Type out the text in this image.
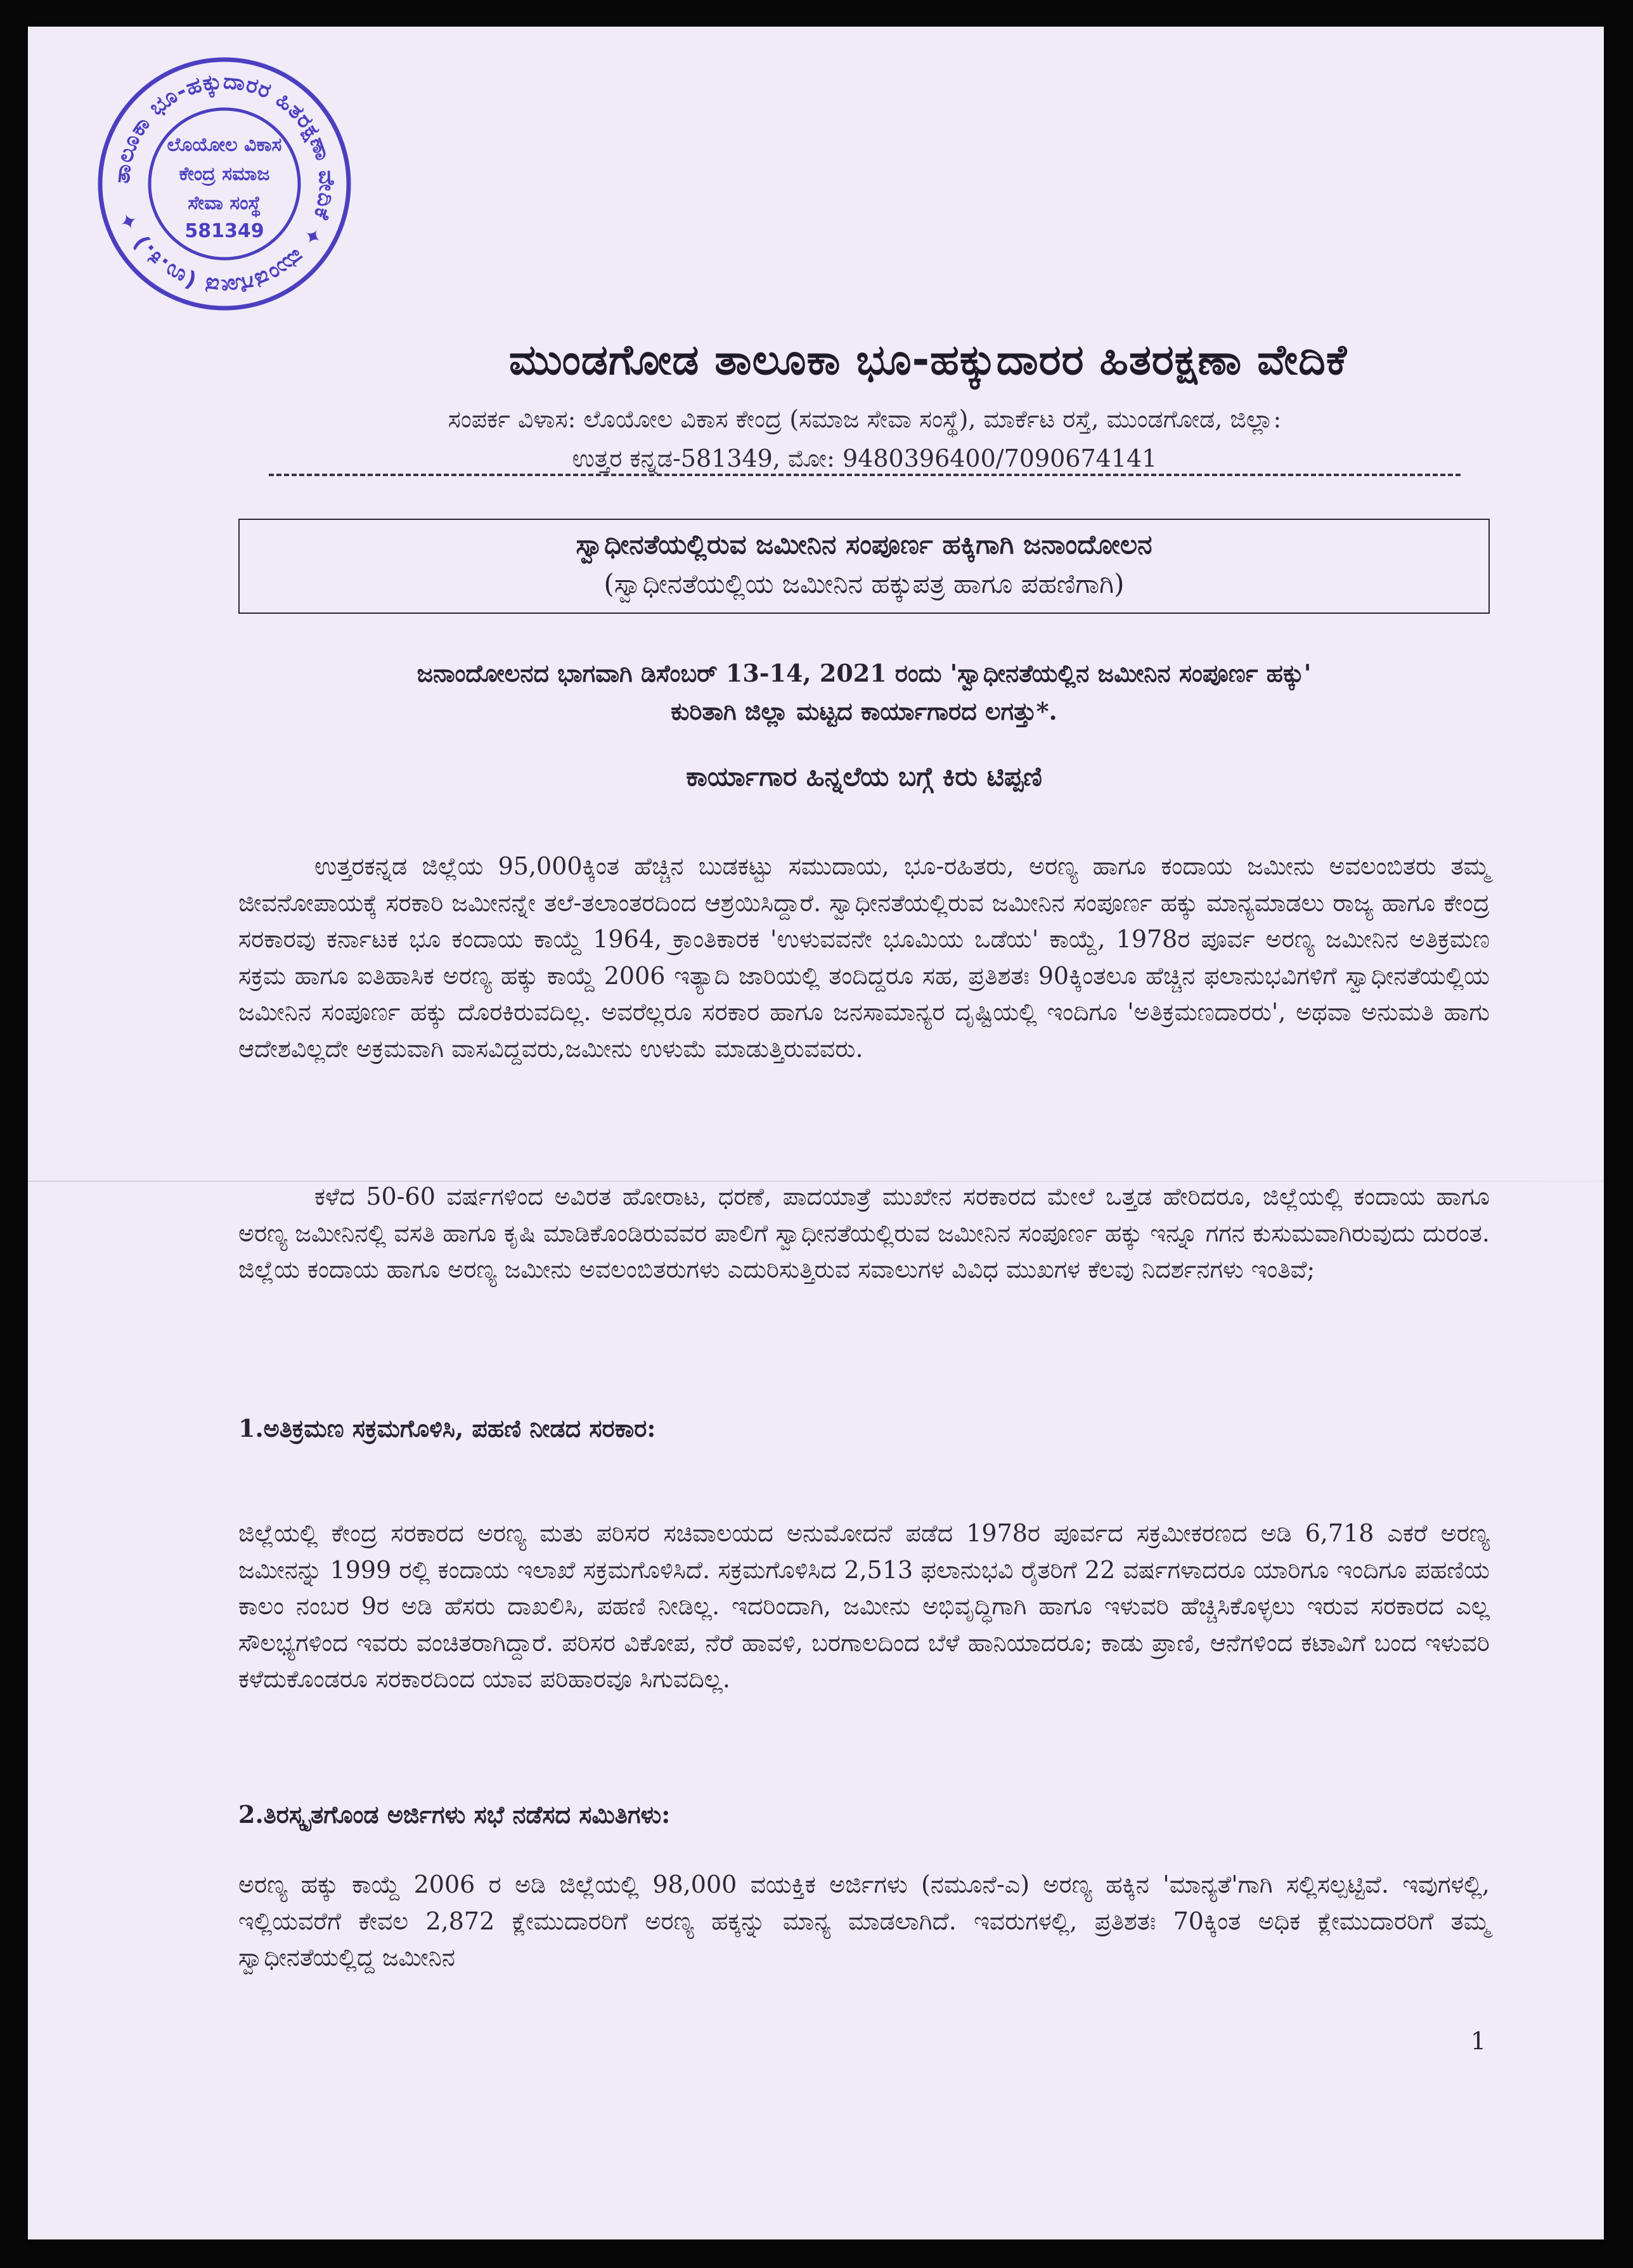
ತಾಲೂಕಾ ಭೂ-ಹಕ್ಕುದಾರರ ಹಿತರಕ್ಷಣಾ ವೇದಿಕೆ ✦ ಮುಂಡಗೋಡ (ಉ.ಕ.) ✦
ಲೊಯೋಲ ವಿಕಾಸ
ಕೇಂದ್ರ ಸಮಾಜ
ಸೇವಾ ಸಂಸ್ಥೆ
581349
ಮುಂಡಗೋಡ ತಾಲೂಕಾ ಭೂ-ಹಕ್ಕುದಾರರ ಹಿತರಕ್ಷಣಾ ವೇದಿಕೆ
ಸಂಪರ್ಕ ವಿಳಾಸ: ಲೊಯೋಲ ವಿಕಾಸ ಕೇಂದ್ರ (ಸಮಾಜ ಸೇವಾ ಸಂಸ್ಥೆ), ಮಾರ್ಕೆಟ ರಸ್ತೆ, ಮುಂಡಗೋಡ, ಜಿಲ್ಲಾ:
ಉತ್ತರ ಕನ್ನಡ-581349, ಮೋ: 9480396400/7090674141
ಸ್ವಾಧೀನತೆಯಲ್ಲಿರುವ ಜಮೀನಿನ ಸಂಪೂರ್ಣ ಹಕ್ಕಿಗಾಗಿ ಜನಾಂದೋಲನ
(ಸ್ವಾಧೀನತೆಯಲ್ಲಿಯ ಜಮೀನಿನ ಹಕ್ಕುಪತ್ರ ಹಾಗೂ ಪಹಣಿಗಾಗಿ)
ಜನಾಂದೋಲನದ ಭಾಗವಾಗಿ ಡಿಸೆಂಬರ್ 13-14, 2021 ರಂದು 'ಸ್ವಾಧೀನತೆಯಲ್ಲಿನ ಜಮೀನಿನ ಸಂಪೂರ್ಣ ಹಕ್ಕು'
ಕುರಿತಾಗಿ ಜಿಲ್ಲಾ ಮಟ್ಟದ ಕಾರ್ಯಾಗಾರದ ಲಗತ್ತು*.
ಕಾರ್ಯಾಗಾರ ಹಿನ್ನಲೆಯ ಬಗ್ಗೆ ಕಿರು ಟಿಪ್ಪಣಿ
ಉತ್ತರಕನ್ನಡ ಜಿಲ್ಲೆಯ 95,000ಕ್ಕಿಂತ ಹೆಚ್ಚಿನ ಬುಡಕಟ್ಟು ಸಮುದಾಯ, ಭೂ-ರಹಿತರು, ಅರಣ್ಯ ಹಾಗೂ ಕಂದಾಯ ಜಮೀನು ಅವಲಂಬಿತರು ತಮ್ಮ ಜೀವನೋಪಾಯಕ್ಕೆ ಸರಕಾರಿ ಜಮೀನನ್ನೇ ತಲೆ-ತಲಾಂತರದಿಂದ ಆಶ್ರಯಿಸಿದ್ದಾರೆ. ಸ್ವಾಧೀನತೆಯಲ್ಲಿರುವ ಜಮೀನಿನ ಸಂಪೂರ್ಣ ಹಕ್ಕು ಮಾನ್ಯಮಾಡಲು ರಾಜ್ಯ ಹಾಗೂ ಕೇಂದ್ರ ಸರಕಾರವು ಕರ್ನಾಟಕ ಭೂ ಕಂದಾಯ ಕಾಯ್ದೆ 1964, ಕ್ರಾಂತಿಕಾರಕ 'ಉಳುವವನೇ ಭೂಮಿಯ ಒಡೆಯ' ಕಾಯ್ದೆ, 1978ರ ಪೂರ್ವ ಅರಣ್ಯ ಜಮೀನಿನ ಅತಿಕ್ರಮಣ ಸಕ್ರಮ ಹಾಗೂ ಐತಿಹಾಸಿಕ ಅರಣ್ಯ ಹಕ್ಕು ಕಾಯ್ದೆ 2006 ಇತ್ಯಾದಿ ಜಾರಿಯಲ್ಲಿ ತಂದಿದ್ದರೂ ಸಹ, ಪ್ರತಿಶತಃ 90ಕ್ಕಿಂತಲೂ ಹೆಚ್ಚಿನ ಫಲಾನುಭವಿಗಳಿಗೆ ಸ್ವಾಧೀನತೆಯಲ್ಲಿಯ ಜಮೀನಿನ ಸಂಪೂರ್ಣ ಹಕ್ಕು ದೊರಕಿರುವದಿಲ್ಲ. ಅವರೆಲ್ಲರೂ ಸರಕಾರ ಹಾಗೂ ಜನಸಾಮಾನ್ಯರ ದೃಷ್ಟಿಯಲ್ಲಿ ಇಂದಿಗೂ 'ಅತಿಕ್ರಮಣದಾರರು', ಅಥವಾ ಅನುಮತಿ ಹಾಗು ಆದೇಶವಿಲ್ಲದೇ ಅಕ್ರಮವಾಗಿ ವಾಸವಿದ್ದವರು,ಜಮೀನು ಉಳುಮೆ ಮಾಡುತ್ತಿರುವವರು.
ಕಳೆದ 50-60 ವರ್ಷಗಳಿಂದ ಅವಿರತ ಹೋರಾಟ, ಧರಣೆ, ಪಾದಯಾತ್ರೆ ಮುಖೇನ ಸರಕಾರದ ಮೇಲೆ ಒತ್ತಡ ಹೇರಿದರೂ, ಜಿಲ್ಲೆಯಲ್ಲಿ ಕಂದಾಯ ಹಾಗೂ ಅರಣ್ಯ ಜಮೀನಿನಲ್ಲಿ ವಸತಿ ಹಾಗೂ ಕೃಷಿ ಮಾಡಿಕೊಂಡಿರುವವರ ಪಾಲಿಗೆ ಸ್ವಾಧೀನತೆಯಲ್ಲಿರುವ ಜಮೀನಿನ ಸಂಪೂರ್ಣ ಹಕ್ಕು ಇನ್ನೂ ಗಗನ ಕುಸುಮವಾಗಿರುವುದು ದುರಂತ. ಜಿಲ್ಲೆಯ ಕಂದಾಯ ಹಾಗೂ ಅರಣ್ಯ ಜಮೀನು ಅವಲಂಬಿತರುಗಳು ಎದುರಿಸುತ್ತಿರುವ ಸವಾಲುಗಳ ವಿವಿಧ ಮುಖಗಳ ಕೆಲವು ನಿದರ್ಶನಗಳು ಇಂತಿವೆ;
1.ಅತಿಕ್ರಮಣ ಸಕ್ರಮಗೊಳಿಸಿ, ಪಹಣಿ ನೀಡದ ಸರಕಾರ:
ಜಿಲ್ಲೆಯಲ್ಲಿ ಕೇಂದ್ರ ಸರಕಾರದ ಅರಣ್ಯ ಮತು ಪರಿಸರ ಸಚಿವಾಲಯದ ಅನುಮೋದನೆ ಪಡೆದ 1978ರ ಪೂರ್ವದ ಸಕ್ರಮೀಕರಣದ ಅಡಿ 6,718 ಎಕರೆ ಅರಣ್ಯ ಜಮೀನನ್ನು 1999 ರಲ್ಲಿ ಕಂದಾಯ ಇಲಾಖೆ ಸಕ್ರಮಗೊಳಿಸಿದೆ. ಸಕ್ರಮಗೊಳಿಸಿದ 2,513 ಫಲಾನುಭವಿ ರೈತರಿಗೆ 22 ವರ್ಷಗಳಾದರೂ ಯಾರಿಗೂ ಇಂದಿಗೂ ಪಹಣಿಯ ಕಾಲಂ ನಂಬರ 9ರ ಅಡಿ ಹೆಸರು ದಾಖಲಿಸಿ, ಪಹಣಿ ನೀಡಿಲ್ಲ. ಇದರಿಂದಾಗಿ, ಜಮೀನು ಅಭಿವೃದ್ಧಿಗಾಗಿ ಹಾಗೂ ಇಳುವರಿ ಹೆಚ್ಚಿಸಿಕೊಳ್ಳಲು ಇರುವ ಸರಕಾರದ ಎಲ್ಲ ಸೌಲಭ್ಯಗಳಿಂದ ಇವರು ವಂಚಿತರಾಗಿದ್ದಾರೆ. ಪರಿಸರ ವಿಕೋಪ, ನೆರೆ ಹಾವಳಿ, ಬರಗಾಲದಿಂದ ಬೆಳೆ ಹಾನಿಯಾದರೂ; ಕಾಡು ಪ್ರಾಣಿ, ಆನೆಗಳಿಂದ ಕಟಾವಿಗೆ ಬಂದ ಇಳುವರಿ ಕಳೆದುಕೊಂಡರೂ ಸರಕಾರದಿಂದ ಯಾವ ಪರಿಹಾರವೂ ಸಿಗುವದಿಲ್ಲ.
2.ತಿರಸ್ಕೃತಗೊಂಡ ಅರ್ಜಿಗಳು ಸಭೆ ನಡೆಸದ ಸಮಿತಿಗಳು:
ಅರಣ್ಯ ಹಕ್ಕು ಕಾಯ್ದೆ 2006 ರ ಅಡಿ ಜಿಲ್ಲೆಯಲ್ಲಿ 98,000 ವಯಕ್ತಿಕ ಅರ್ಜಿಗಳು (ನಮೂನೆ-ಎ) ಅರಣ್ಯ ಹಕ್ಕಿನ 'ಮಾನ್ಯತೆ'ಗಾಗಿ ಸಲ್ಲಿಸಲ್ಪಟ್ಟಿವೆ. ಇವುಗಳಲ್ಲಿ, ಇಲ್ಲಿಯವರೆಗೆ ಕೇವಲ 2,872 ಕ್ಲೇಮುದಾರರಿಗೆ ಅರಣ್ಯ ಹಕ್ಕನ್ನು ಮಾನ್ಯ ಮಾಡಲಾಗಿದೆ. ಇವರುಗಳಲ್ಲಿ, ಪ್ರತಿಶತಃ 70ಕ್ಕಿಂತ ಅಧಿಕ ಕ್ಲೇಮುದಾರರಿಗೆ ತಮ್ಮ ಸ್ವಾಧೀನತೆಯಲ್ಲಿದ್ದ ಜಮೀನಿನ
1
